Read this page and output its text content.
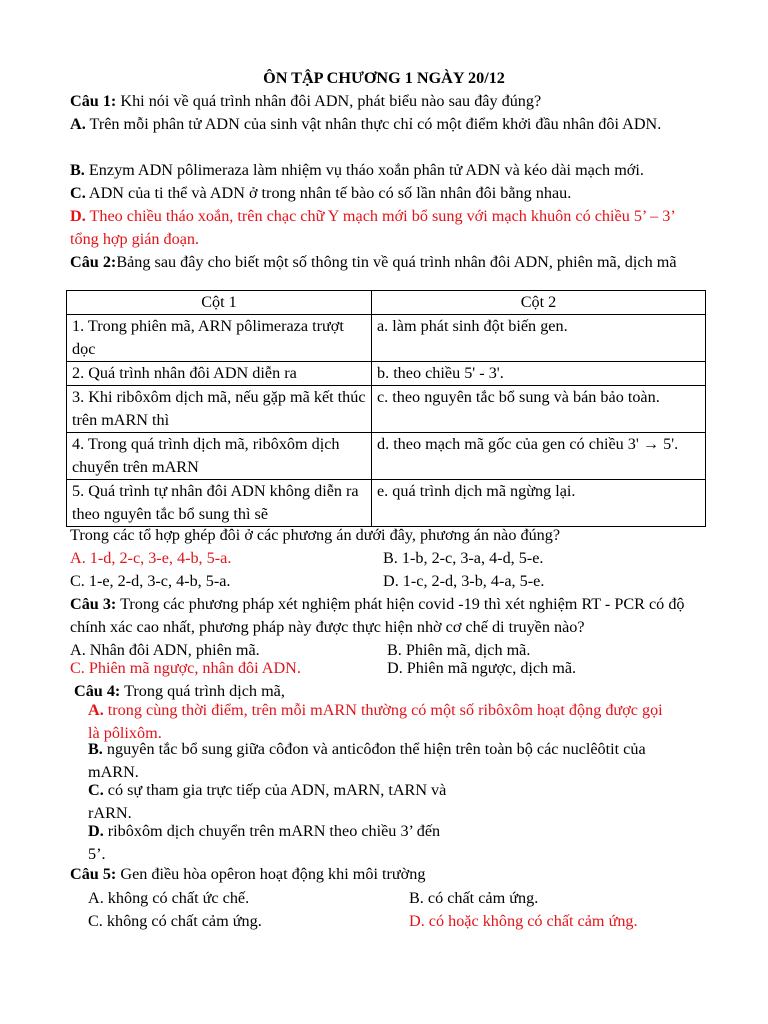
ÔN TẬP CHƯƠNG 1 NGÀY 20/12
Câu 1: Khi nói về quá trình nhân đôi ADN, phát biểu nào sau đây đúng?
A. Trên mỗi phân tử ADN của sinh vật nhân thực chỉ có một điểm khởi đầu nhân đôi ADN.
B. Enzym ADN pôlimeraza làm nhiệm vụ tháo xoắn phân tử ADN và kéo dài mạch mới.
C. ADN của ti thể và ADN ở trong nhân tế bào có số lần nhân đôi bằng nhau.
D. Theo chiều tháo xoắn, trên chạc chữ Y mạch mới bổ sung với mạch khuôn có chiều 5’ – 3’ tổng hợp gián đoạn.
Câu 2:Bảng sau đây cho biết một số thông tin về quá trình nhân đôi ADN, phiên mã, dịch mã
Cột 1	Cột 2
1. Trong phiên mã, ARN pôlimeraza trượt dọc	a. làm phát sinh đột biến gen.
2. Quá trình nhân đôi ADN diễn ra	b. theo chiều 5' - 3'.
3. Khi ribôxôm dịch mã, nếu gặp mã kết thúc trên mARN thì	c. theo nguyên tắc bổ sung và bán bảo toàn.
4. Trong quá trình dịch mã, ribôxôm dịch chuyển trên mARN	d. theo mạch mã gốc của gen có chiều 3' → 5'.
5. Quá trình tự nhân đôi ADN không diễn ra theo nguyên tắc bổ sung thì sẽ	e. quá trình dịch mã ngừng lại.
Trong các tổ hợp ghép đôi ở các phương án dưới đây, phương án nào đúng?
A. 1-d, 2-c, 3-e, 4-b, 5-a.	B. 1-b, 2-c, 3-a, 4-d, 5-e.
C. 1-e, 2-d, 3-c, 4-b, 5-a.	D. 1-c, 2-d, 3-b, 4-a, 5-e.
Câu 3: Trong các phương pháp xét nghiệm phát hiện covid -19 thì xét nghiệm RT - PCR có độ chính xác cao nhất, phương pháp này được thực hiện nhờ cơ chế di truyền nào?
A. Nhân đôi ADN, phiên mã.	B. Phiên mã, dịch mã.
C. Phiên mã ngược, nhân đôi ADN.	D. Phiên mã ngược, dịch mã.
Câu 4: Trong quá trình dịch mã,
A. trong cùng thời điểm, trên mỗi mARN thường có một số ribôxôm hoạt động được gọi là pôlixôm.
B. nguyên tắc bổ sung giữa côđon và anticôđon thể hiện trên toàn bộ các nuclêôtit của mARN.
C. có sự tham gia trực tiếp của ADN, mARN, tARN và rARN.
D. ribôxôm dịch chuyển trên mARN theo chiều 3’ đến 5’.
Câu 5: Gen điều hòa opêron hoạt động khi môi trường
A. không có chất ức chế.	B. có chất cảm ứng.
C. không có chất cảm ứng.	D. có hoặc không có chất cảm ứng.
